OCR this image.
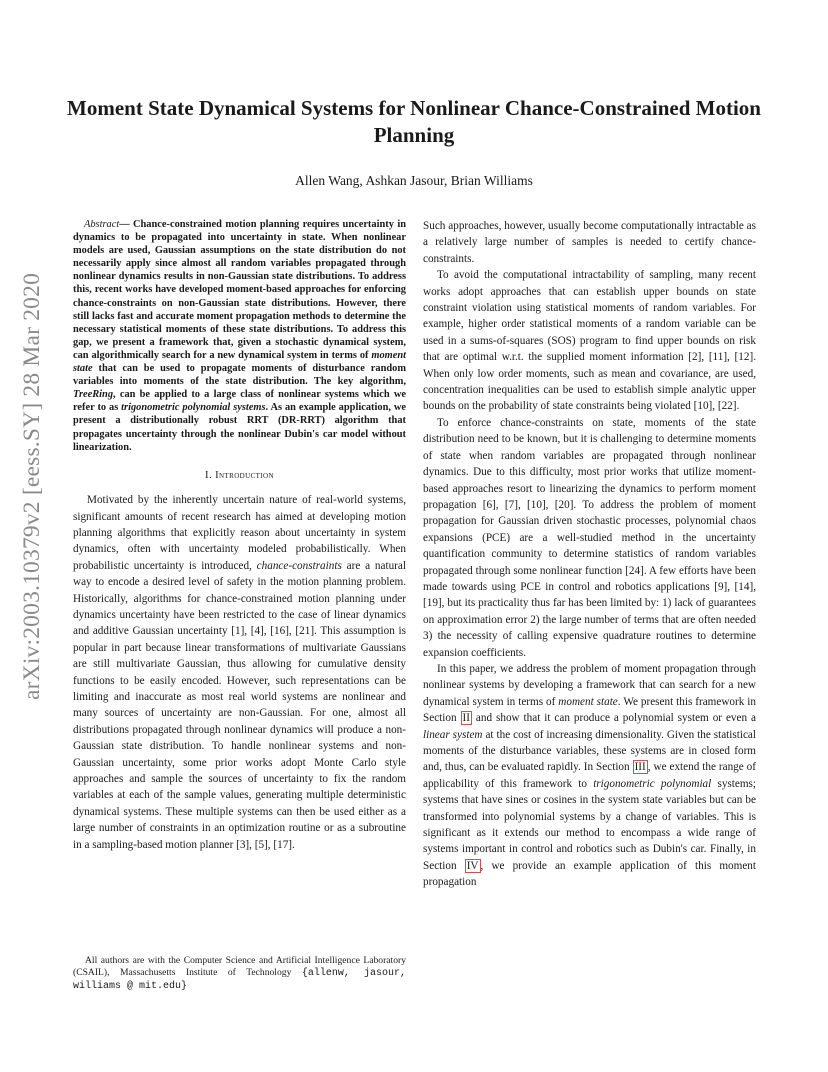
arXiv:2003.10379v2 [eess.SY] 28 Mar 2020
Moment State Dynamical Systems for Nonlinear Chance-Constrained Motion Planning
Allen Wang, Ashkan Jasour, Brian Williams

Abstract— Chance-constrained motion planning requires uncertainty in dynamics to be propagated into uncertainty in state. When nonlinear models are used, Gaussian assumptions on the state distribution do not necessarily apply since almost all random variables propagated through nonlinear dynamics results in non-Gaussian state distributions. To address this, recent works have developed moment-based approaches for enforcing chance-constraints on non-Gaussian state distributions. However, there still lacks fast and accurate moment propagation methods to determine the necessary statistical moments of these state distributions. To address this gap, we present a framework that, given a stochastic dynamical system, can algorithmically search for a new dynamical system in terms of moment state that can be used to propagate moments of disturbance random variables into moments of the state distribution. The key algorithm, TreeRing, can be applied to a large class of nonlinear systems which we refer to as trigonometric polynomial systems. As an example application, we present a distributionally robust RRT (DR-RRT) algorithm that propagates uncertainty through the nonlinear Dubin's car model without linearization.

I. Introduction

Motivated by the inherently uncertain nature of real-world systems, significant amounts of recent research has aimed at developing motion planning algorithms that explicitly reason about uncertainty in system dynamics, often with uncertainty modeled probabilistically. When probabilistic uncertainty is introduced, chance-constraints are a natural way to encode a desired level of safety in the motion planning problem. Historically, algorithms for chance-constrained motion planning under dynamics uncertainty have been restricted to the case of linear dynamics and additive Gaussian uncertainty [1], [4], [16], [21]. This assumption is popular in part because linear transformations of multivariate Gaussians are still multivariate Gaussian, thus allowing for cumulative density functions to be easily encoded. However, such representations can be limiting and inaccurate as most real world systems are nonlinear and many sources of uncertainty are non-Gaussian. For one, almost all distributions propagated through nonlinear dynamics will produce a non-Gaussian state distribution. To handle nonlinear systems and non-Gaussian uncertainty, some prior works adopt Monte Carlo style approaches and sample the sources of uncertainty to fix the random variables at each of the sample values, generating multiple deterministic dynamical systems. These multiple systems can then be used either as a large number of constraints in an optimization routine or as a subroutine in a sampling-based motion planner [3], [5], [17].

All authors are with the Computer Science and Artificial Intelligence Laboratory (CSAIL), Massachusetts Institute of Technology {allenw, jasour, williams @ mit.edu}

Such approaches, however, usually become computationally intractable as a relatively large number of samples is needed to certify chance-constraints.

To avoid the computational intractability of sampling, many recent works adopt approaches that can establish upper bounds on state constraint violation using statistical moments of random variables. For example, higher order statistical moments of a random variable can be used in a sums-of-squares (SOS) program to find upper bounds on risk that are optimal w.r.t. the supplied moment information [2], [11], [12]. When only low order moments, such as mean and covariance, are used, concentration inequalities can be used to establish simple analytic upper bounds on the probability of state constraints being violated [10], [22].

To enforce chance-constraints on state, moments of the state distribution need to be known, but it is challenging to determine moments of state when random variables are propagated through nonlinear dynamics. Due to this difficulty, most prior works that utilize moment-based approaches resort to linearizing the dynamics to perform moment propagation [6], [7], [10], [20]. To address the problem of moment propagation for Gaussian driven stochastic processes, polynomial chaos expansions (PCE) are a well-studied method in the uncertainty quantification community to determine statistics of random variables propagated through some nonlinear function [24]. A few efforts have been made towards using PCE in control and robotics applications [9], [14], [19], but its practicality thus far has been limited by: 1) lack of guarantees on approximation error 2) the large number of terms that are often needed 3) the necessity of calling expensive quadrature routines to determine expansion coefficients.

In this paper, we address the problem of moment propagation through nonlinear systems by developing a framework that can search for a new dynamical system in terms of moment state. We present this framework in Section II and show that it can produce a polynomial system or even a linear system at the cost of increasing dimensionality. Given the statistical moments of the disturbance variables, these systems are in closed form and, thus, can be evaluated rapidly. In Section III , we extend the range of applicability of this framework to trigonometric polynomial systems; systems that have sines or cosines in the system state variables but can be transformed into polynomial systems by a change of variables. This is significant as it extends our method to encompass a wide range of systems important in control and robotics such as Dubin's car. Finally, in Section IV , we provide an example application of this moment propagation
